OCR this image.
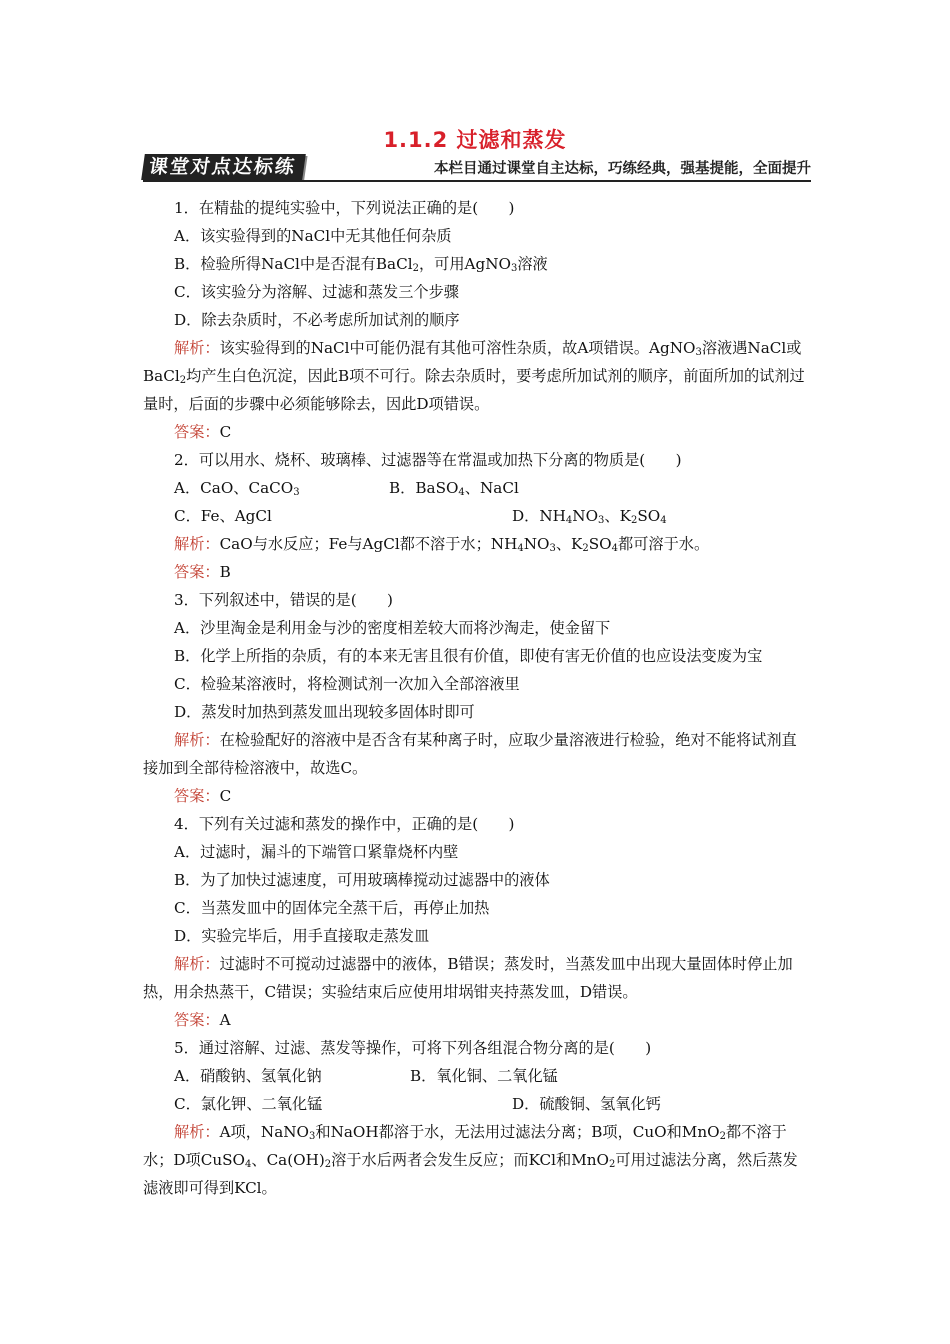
1.1.2 过滤和蒸发
课堂对点达标练	本栏目通过课堂自主达标，巧练经典，强基提能，全面提升

1．在精盐的提纯实验中，下列说法正确的是(　　)

A．该实验得到的NaCl中无其他任何杂质

B．检验所得NaCl中是否混有BaCl$_2$，可用AgNO$_3$溶液

C．该实验分为溶解、过滤和蒸发三个步骤

D．除去杂质时，不必考虑所加试剂的顺序

解析：该实验得到的NaCl中可能仍混有其他可溶性杂质，故A项错误。AgNO$_3$溶液遇NaCl或BaCl$_2$均产生白色沉淀，因此B项不可行。除去杂质时，要考虑所加试剂的顺序，前面所加的试剂过量时，后面的步骤中必须能够除去，因此D项错误。

答案：C

2．可以用水、烧杯、玻璃棒、过滤器等在常温或加热下分离的物质是(　　)

A．CaO、CaCO$_3$	B．BaSO$_4$、NaCl
C．Fe、AgCl	D．$NH_4NO_3$、$K_2SO_4$

解析：CaO与水反应；Fe与AgCl都不溶于水；$NH_4NO_3$、$K_2SO_4$都可溶于水。

答案：B

3．下列叙述中，错误的是(　　)

A．沙里淘金是利用金与沙的密度相差较大而将沙淘走，使金留下

B．化学上所指的杂质，有的本来无害且很有价值，即使有害无价值的也应设法变废为宝

C．检验某溶液时，将检测试剂一次加入全部溶液里

D．蒸发时加热到蒸发皿出现较多固体时即可

解析：在检验配好的溶液中是否含有某种离子时，应取少量溶液进行检验，绝对不能将试剂直接加到全部待检溶液中，故选C。

答案：C

4．下列有关过滤和蒸发的操作中，正确的是(　　)

A．过滤时，漏斗的下端管口紧靠烧杯内壁

B．为了加快过滤速度，可用玻璃棒搅动过滤器中的液体

C．当蒸发皿中的固体完全蒸干后，再停止加热

D．实验完毕后，用手直接取走蒸发皿

解析：过滤时不可搅动过滤器中的液体，B错误；蒸发时，当蒸发皿中出现大量固体时停止加热，用余热蒸干，C错误；实验结束后应使用坩埚钳夹持蒸发皿，D错误。

答案：A

5．通过溶解、过滤、蒸发等操作，可将下列各组混合物分离的是(　　)

A．硝酸钠、氢氧化钠	B．氧化铜、二氧化锰
C．氯化钾、二氧化锰	D．硫酸铜、氢氧化钙

解析：A项，NaNO$_3$和NaOH都溶于水，无法用过滤法分离；B项，CuO和MnO$_2$都不溶于水；D项CuSO$_4$、$Ca(OH)_2$溶于水后两者会发生反应；而KCl和MnO$_2$可用过滤法分离，然后蒸发滤液即可得到KCl。
